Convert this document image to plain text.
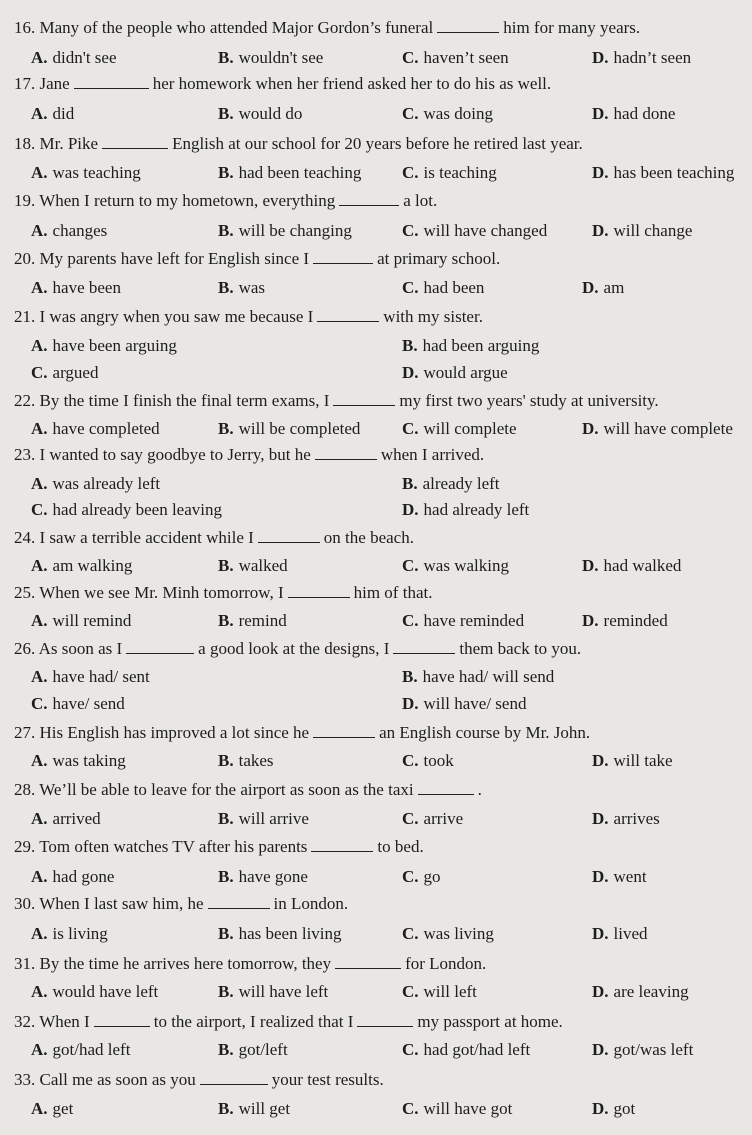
16. Many of the people who attended Major Gordon’s funeral	him for many years.
A. didn't see	B. wouldn't see	C. haven’t seen	D. hadn’t seen
17. Jane	her homework when her friend asked her to do his as well.
A. did	B. would do	C. was doing	D. had done
18. Mr. Pike	English at our school for 20 years before he retired last year.
A. was teaching	B. had been teaching C. is teaching	D. has been teaching
19. When I return to my hometown, everything	a lot.
A. changes	B. will be changing	C. will have changed	D. will change
20. My parents have left for English since I	at primary school.
A. have been	B. was	C. had been	D. am
21. I was angry when you saw me because I	with my sister.
A. have been arguing	B. had been arguing
C. argued	D. would argue
22. By the time I finish the final term exams, I	my first two years' study at university.
A. have completed	B. will be completed C. will complete	D. will have complete
23. I wanted to say goodbye to Jerry, but he	when I arrived.
A. was already left	B. already left
C. had already been leaving	D. had already left
24. I saw a terrible accident while I	on the beach.
A. am walking	B. walked	C. was walking	D. had walked
25. When we see Mr. Minh tomorrow, I	him of that.
A. will remind	B. remind	C. have reminded	D. reminded
26. As soon as I	a good look at the designs, I	them back to you.
A. have had/ sent	B. have had/ will send
C. have/ send	D. will have/ send
27. His English has improved a lot since he	an English course by Mr. John.
A. was taking	B. takes	C. took	D. will take
28. We’ll be able to leave for the airport as soon as the taxi	.
A. arrived	B. will arrive	C. arrive	D. arrives
29. Tom often watches TV after his parents	to bed.
A. had gone	B. have gone	C. go	D. went
30. When I last saw him, he	in London.
A. is living	B. has been living	C. was living	D. lived
31. By the time he arrives here tomorrow, they	for London.
A. would have left	B. will have left	C. will left	D. are leaving
32. When I	to the airport, I realized that I	my passport at home.
A. got/had left	B. got/left	C. had got/had left	D. got/was left
33. Call me as soon as you	your test results.
A. get	B. will get	C. will have got	D. got
